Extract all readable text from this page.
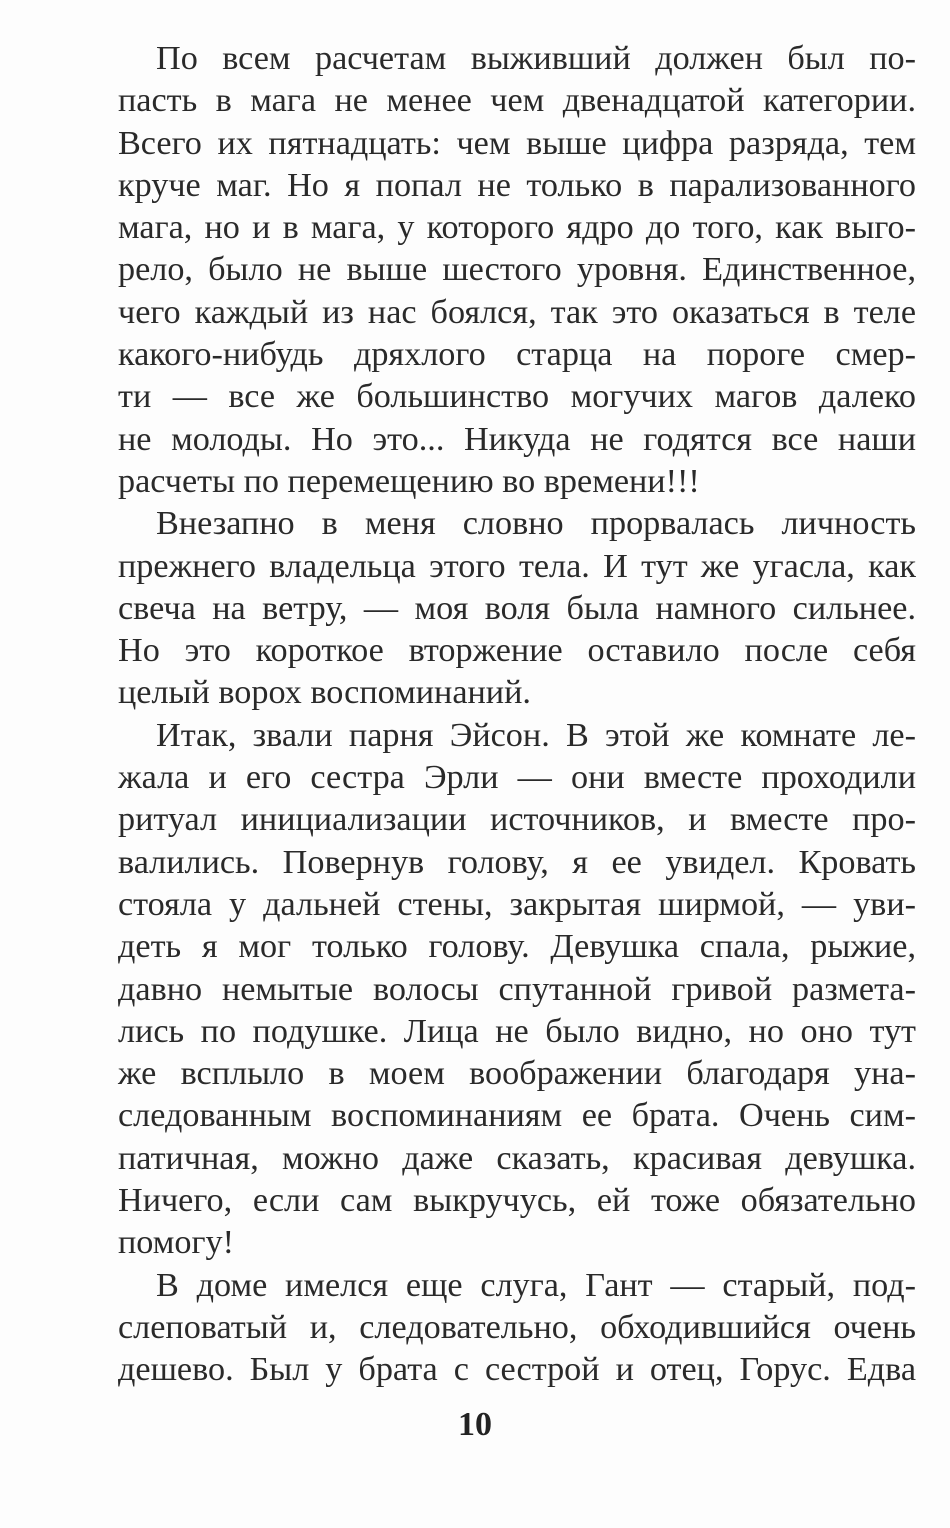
По всем расчетам выживший должен был по-
пасть в мага не менее чем двенадцатой категории.
Всего их пятнадцать: чем выше цифра разряда, тем
круче маг. Но я попал не только в парализованного
мага, но и в мага, у которого ядро до того, как выго-
рело, было не выше шестого уровня. Единственное,
чего каждый из нас боялся, так это оказаться в теле
какого-нибудь дряхлого старца на пороге смер-
ти — все же большинство могучих магов далеко
не молоды. Но это... Никуда не годятся все наши
расчеты по перемещению во времени!!!
Внезапно в меня словно прорвалась личность
прежнего владельца этого тела. И тут же угасла, как
свеча на ветру, — моя воля была намного сильнее.
Но это короткое вторжение оставило после себя
целый ворох воспоминаний.
Итак, звали парня Эйсон. В этой же комнате ле-
жала и его сестра Эрли — они вместе проходили
ритуал инициализации источников, и вместе про-
валились. Повернув голову, я ее увидел. Кровать
стояла у дальней стены, закрытая ширмой, — уви-
деть я мог только голову. Девушка спала, рыжие,
давно немытые волосы спутанной гривой размета-
лись по подушке. Лица не было видно, но оно тут
же всплыло в моем воображении благодаря уна-
следованным воспоминаниям ее брата. Очень сим-
патичная, можно даже сказать, красивая девушка.
Ничего, если сам выкручусь, ей тоже обязательно
помогу!
В доме имелся еще слуга, Гант — старый, под-
слеповатый и, следовательно, обходившийся очень
дешево. Был у брата с сестрой и отец, Горус. Едва
10
